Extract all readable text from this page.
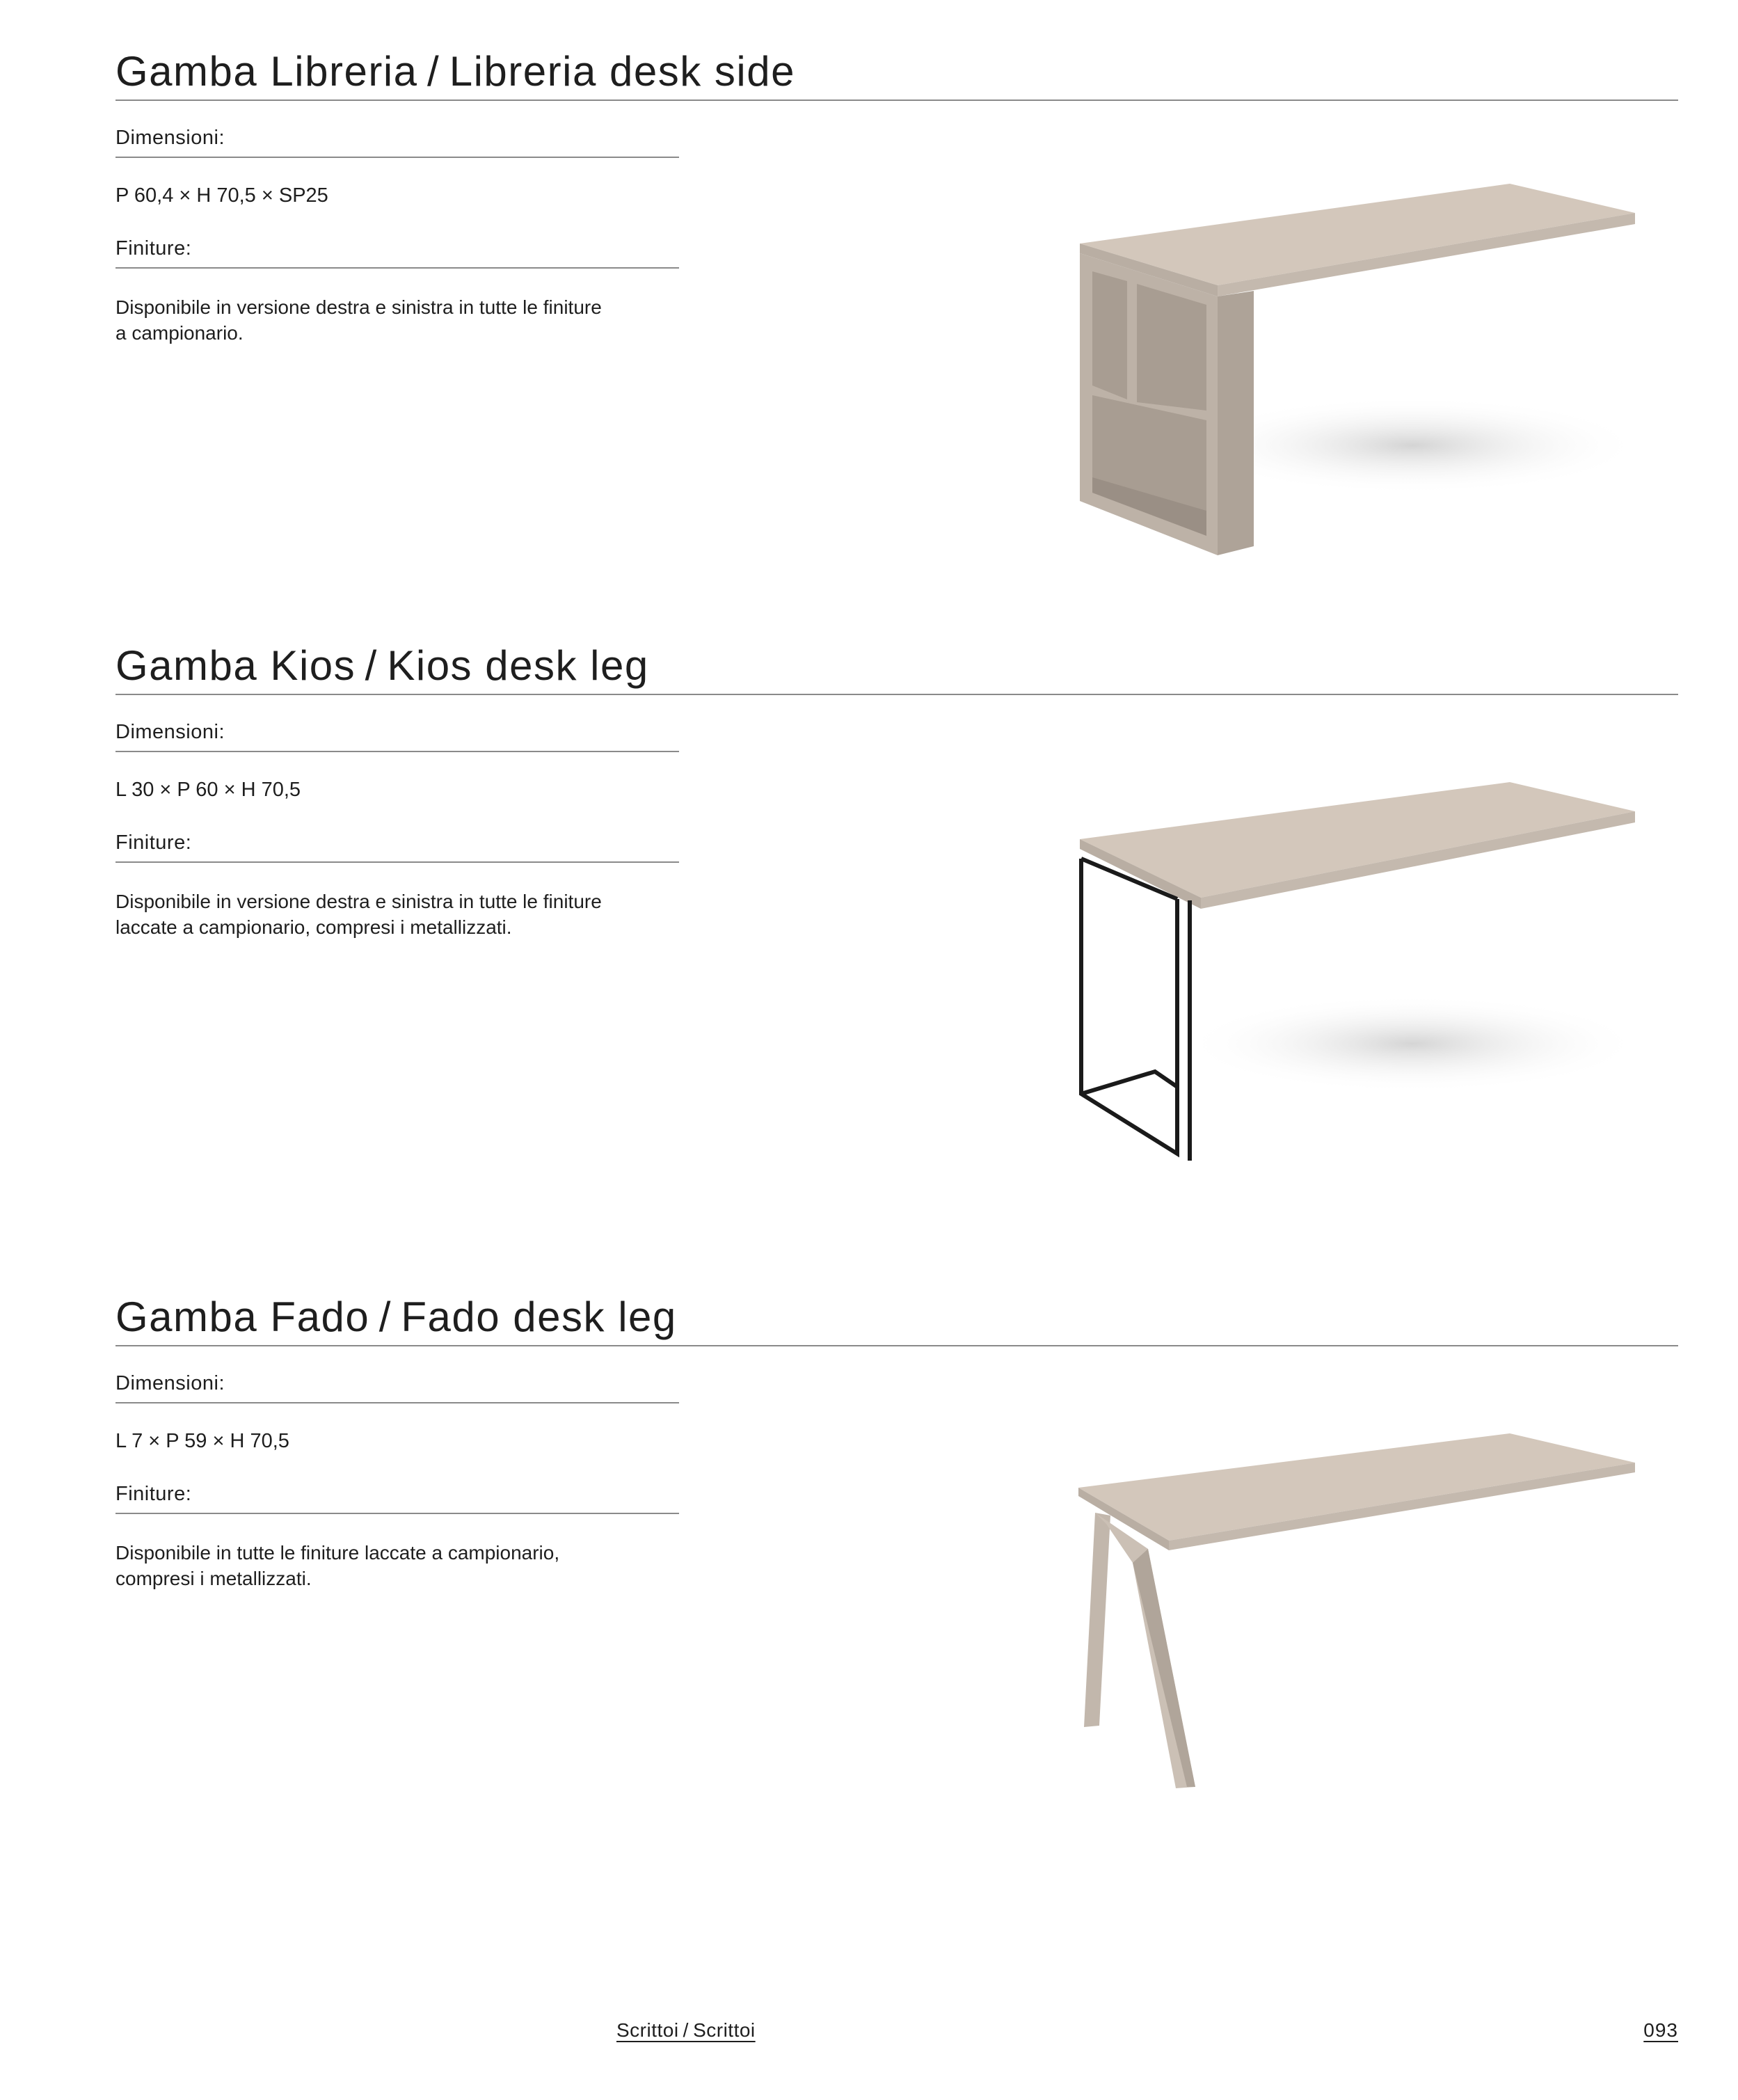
Gamba Libreria / Libreria desk side

Dimensioni:

P 60,4 × H 70,5 × SP25

Finiture:

Disponibile in versione destra e sinistra in tutte le finiture
a campionario.

Gamba Kios / Kios desk leg

Dimensioni:

L 30 × P 60 × H 70,5

Finiture:

Disponibile in versione destra e sinistra in tutte le finiture
laccate a campionario, compresi i metallizzati.

Gamba Fado / Fado desk leg

Dimensioni:

L 7 × P 59 × H 70,5

Finiture:

Disponibile in tutte le finiture laccate a campionario,
compresi i metallizzati.

Scrittoi / Scrittoi	093
